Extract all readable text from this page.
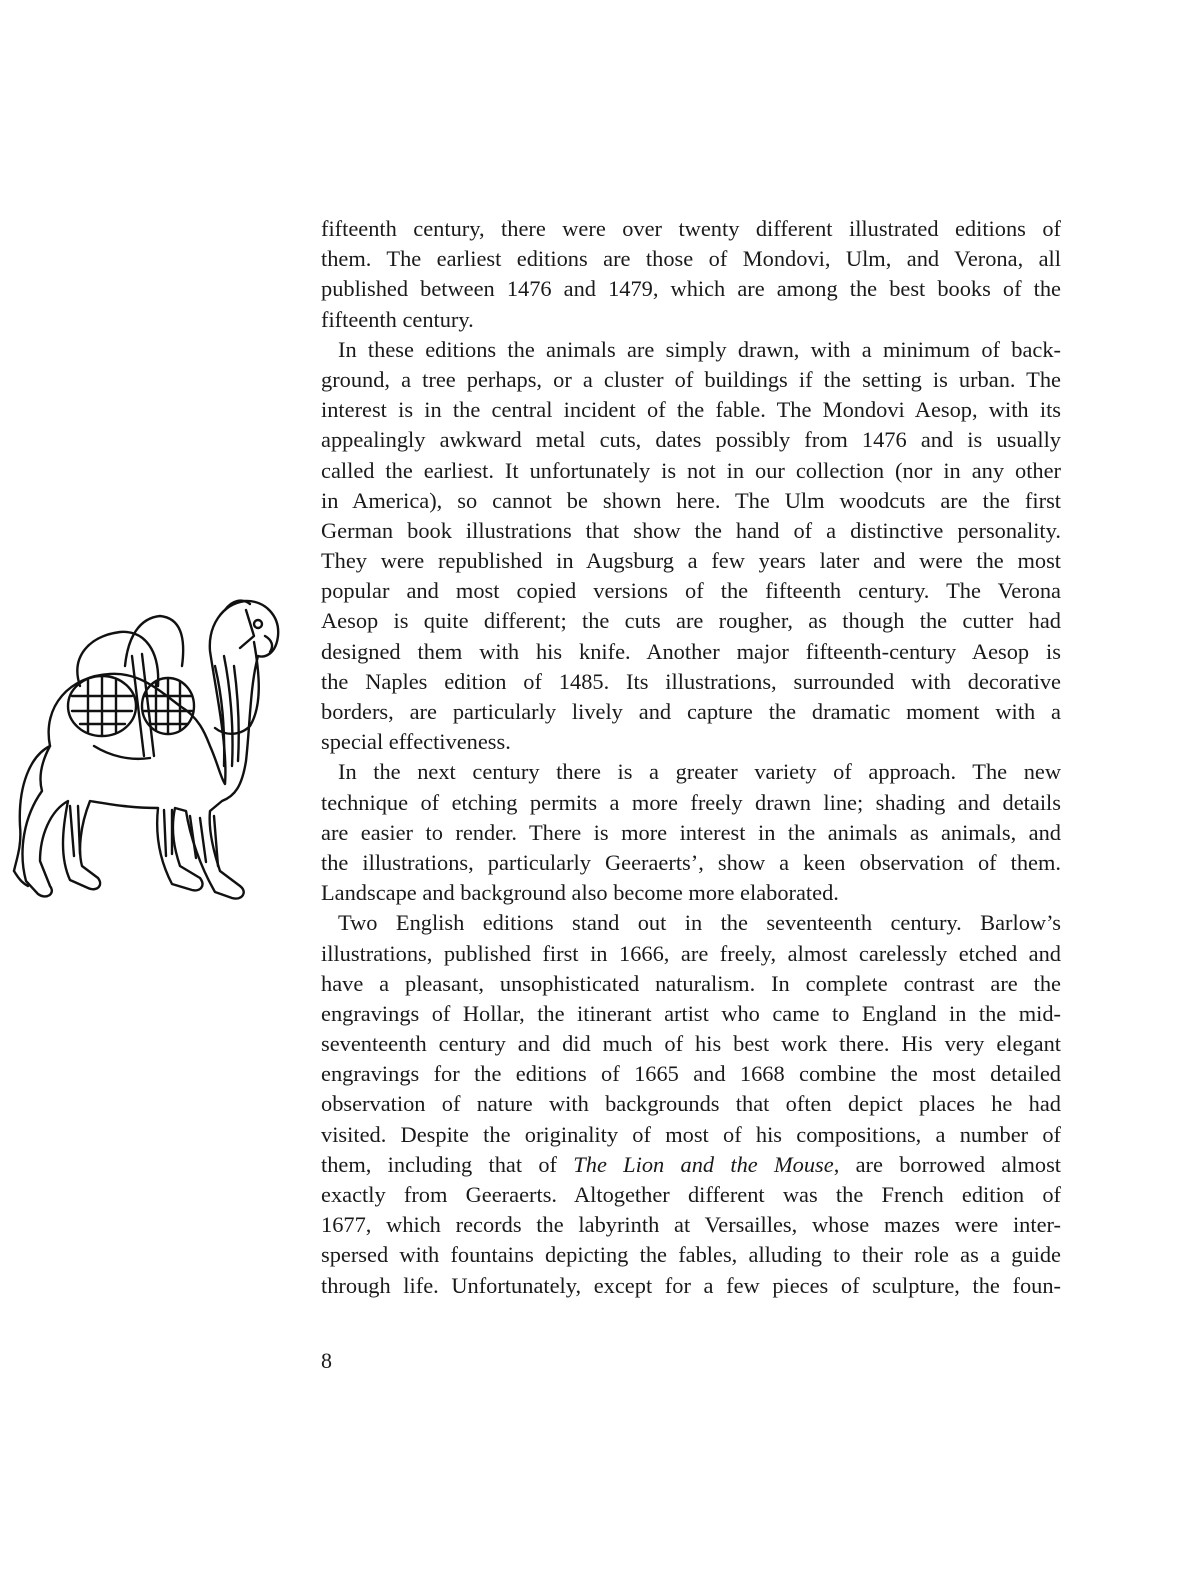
fifteenth century, there were over twenty different illustrated editions of
them. The earliest editions are those of Mondovi, Ulm, and Verona, all
published between 1476 and 1479, which are among the best books of the
fifteenth century.
In these editions the animals are simply drawn, with a minimum of back-
ground, a tree perhaps, or a cluster of buildings if the setting is urban. The
interest is in the central incident of the fable. The Mondovi Aesop, with its
appealingly awkward metal cuts, dates possibly from 1476 and is usually
called the earliest. It unfortunately is not in our collection (nor in any other
in America), so cannot be shown here. The Ulm woodcuts are the first
German book illustrations that show the hand of a distinctive personality.
They were republished in Augsburg a few years later and were the most
popular and most copied versions of the fifteenth century. The Verona
Aesop is quite different; the cuts are rougher, as though the cutter had
designed them with his knife. Another major fifteenth-century Aesop is
the Naples edition of 1485. Its illustrations, surrounded with decorative
borders, are particularly lively and capture the dramatic moment with a
special effectiveness.
In the next century there is a greater variety of approach. The new
technique of etching permits a more freely drawn line; shading and details
are easier to render. There is more interest in the animals as animals, and
the illustrations, particularly Geeraerts’, show a keen observation of them.
Landscape and background also become more elaborated.
Two English editions stand out in the seventeenth century. Barlow’s
illustrations, published first in 1666, are freely, almost carelessly etched and
have a pleasant, unsophisticated naturalism. In complete contrast are the
engravings of Hollar, the itinerant artist who came to England in the mid-
seventeenth century and did much of his best work there. His very elegant
engravings for the editions of 1665 and 1668 combine the most detailed
observation of nature with backgrounds that often depict places he had
visited. Despite the originality of most of his compositions, a number of
them, including that of The Lion and the Mouse, are borrowed almost
exactly from Geeraerts. Altogether different was the French edition of
1677, which records the labyrinth at Versailles, whose mazes were inter-
spersed with fountains depicting the fables, alluding to their role as a guide
through life. Unfortunately, except for a few pieces of sculpture, the foun-
8
